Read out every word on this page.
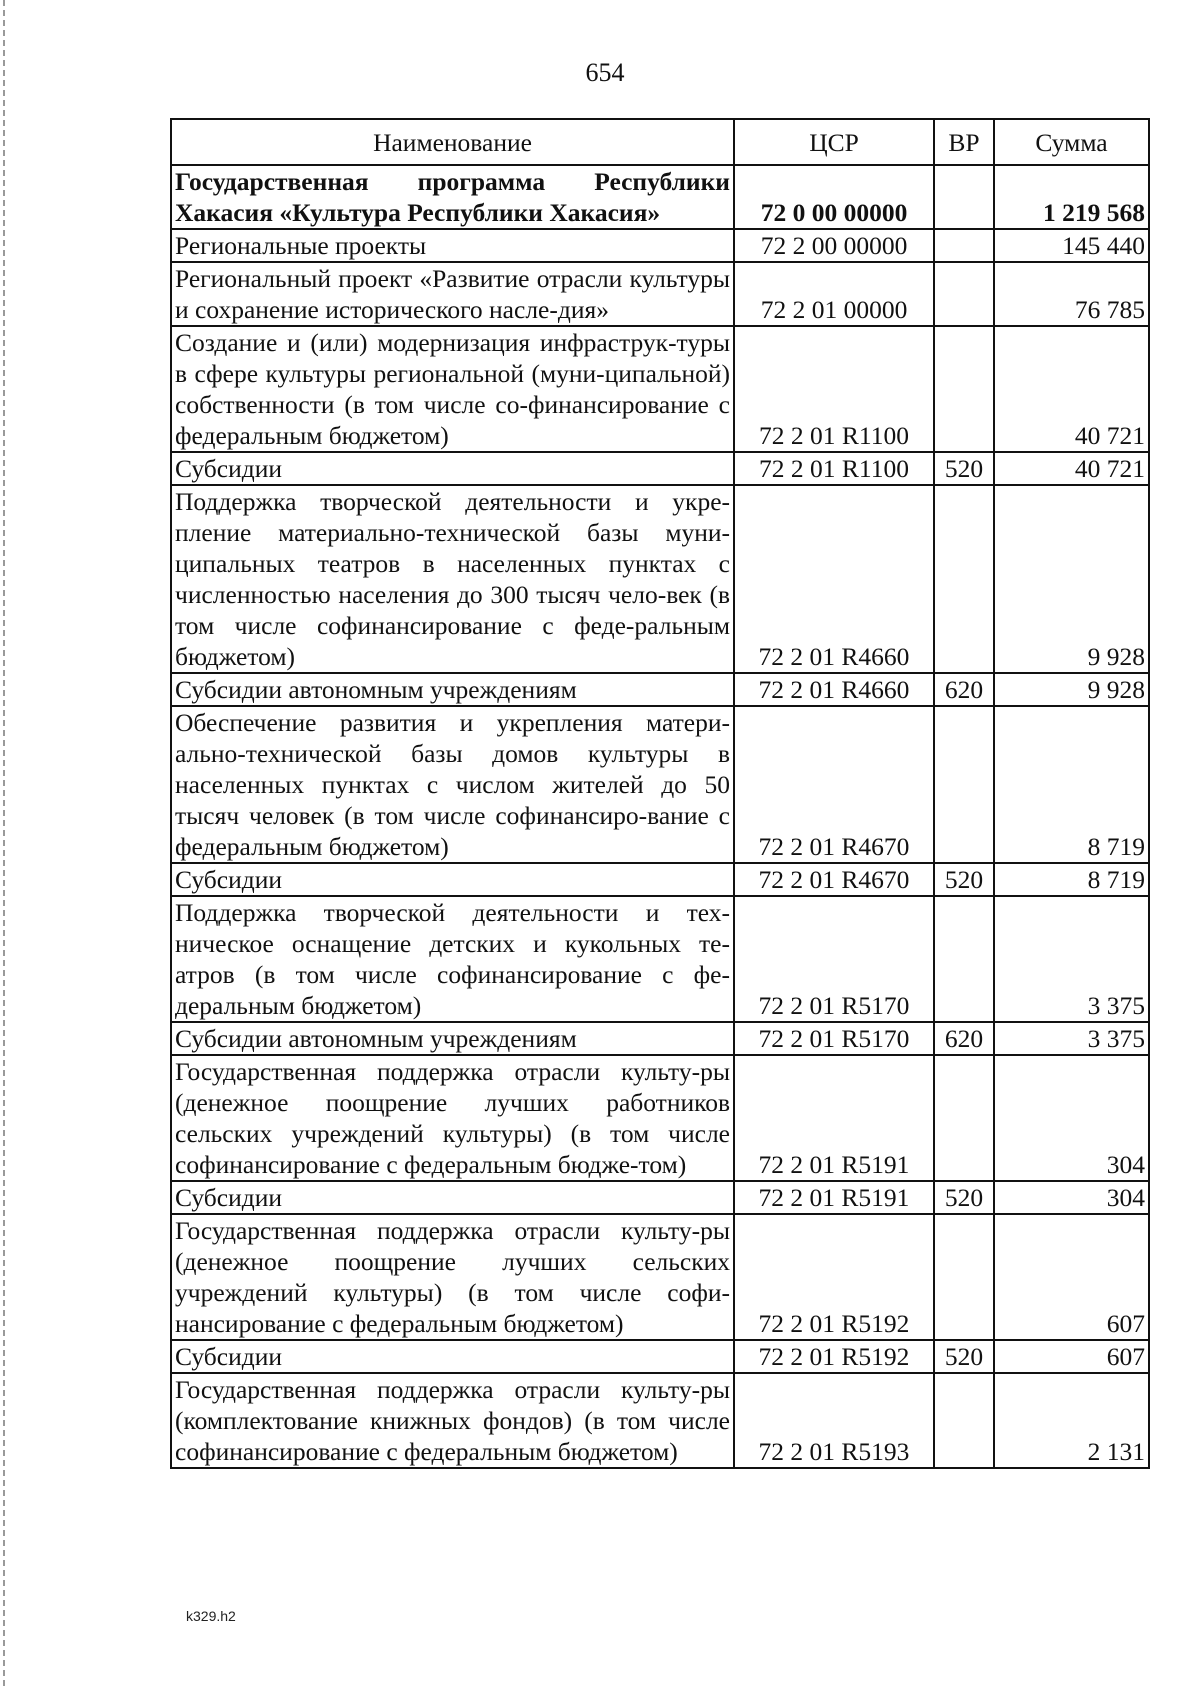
654
Наименование	ЦСР	ВР	Сумма
Государственная программа Республики Хакасия «Культура Республики Хакасия»	72 0 00 00000		1 219 568
Региональные проекты	72 2 00 00000		145 440
Региональный проект «Развитие отрасли культуры и сохранение исторического насле-дия»	72 2 01 00000		76 785
Создание и (или) модернизация инфраструк-туры в сфере культуры региональной (муни-ципальной) собственности (в том числе со-финансирование с федеральным бюджетом)	72 2 01 R1100		40 721
Субсидии	72 2 01 R1100	520	40 721
Поддержка творческой деятельности и укре-пление материально-технической базы муни-ципальных театров в населенных пунктах с численностью населения до 300 тысяч чело-век (в том числе софинансирование с феде-ральным бюджетом)	72 2 01 R4660		9 928
Субсидии автономным учреждениям	72 2 01 R4660	620	9 928
Обеспечение развития и укрепления матери-ально-технической базы домов культуры в населенных пунктах с числом жителей до 50 тысяч человек (в том числе софинансиро-вание с федеральным бюджетом)	72 2 01 R4670		8 719
Субсидии	72 2 01 R4670	520	8 719
Поддержка творческой деятельности и тех-ническое оснащение детских и кукольных те-атров (в том числе софинансирование с фе-деральным бюджетом)	72 2 01 R5170		3 375
Субсидии автономным учреждениям	72 2 01 R5170	620	3 375
Государственная поддержка отрасли культу-ры (денежное поощрение лучших работников сельских учреждений культуры) (в том числе софинансирование с федеральным бюдже-том)	72 2 01 R5191		304
Субсидии	72 2 01 R5191	520	304
Государственная поддержка отрасли культу-ры (денежное поощрение лучших сельских учреждений культуры) (в том числе софи-нансирование с федеральным бюджетом)	72 2 01 R5192		607
Субсидии	72 2 01 R5192	520	607
Государственная поддержка отрасли культу-ры (комплектование книжных фондов) (в том числе софинансирование с федеральным бюджетом)	72 2 01 R5193		2 131
k329.h2
